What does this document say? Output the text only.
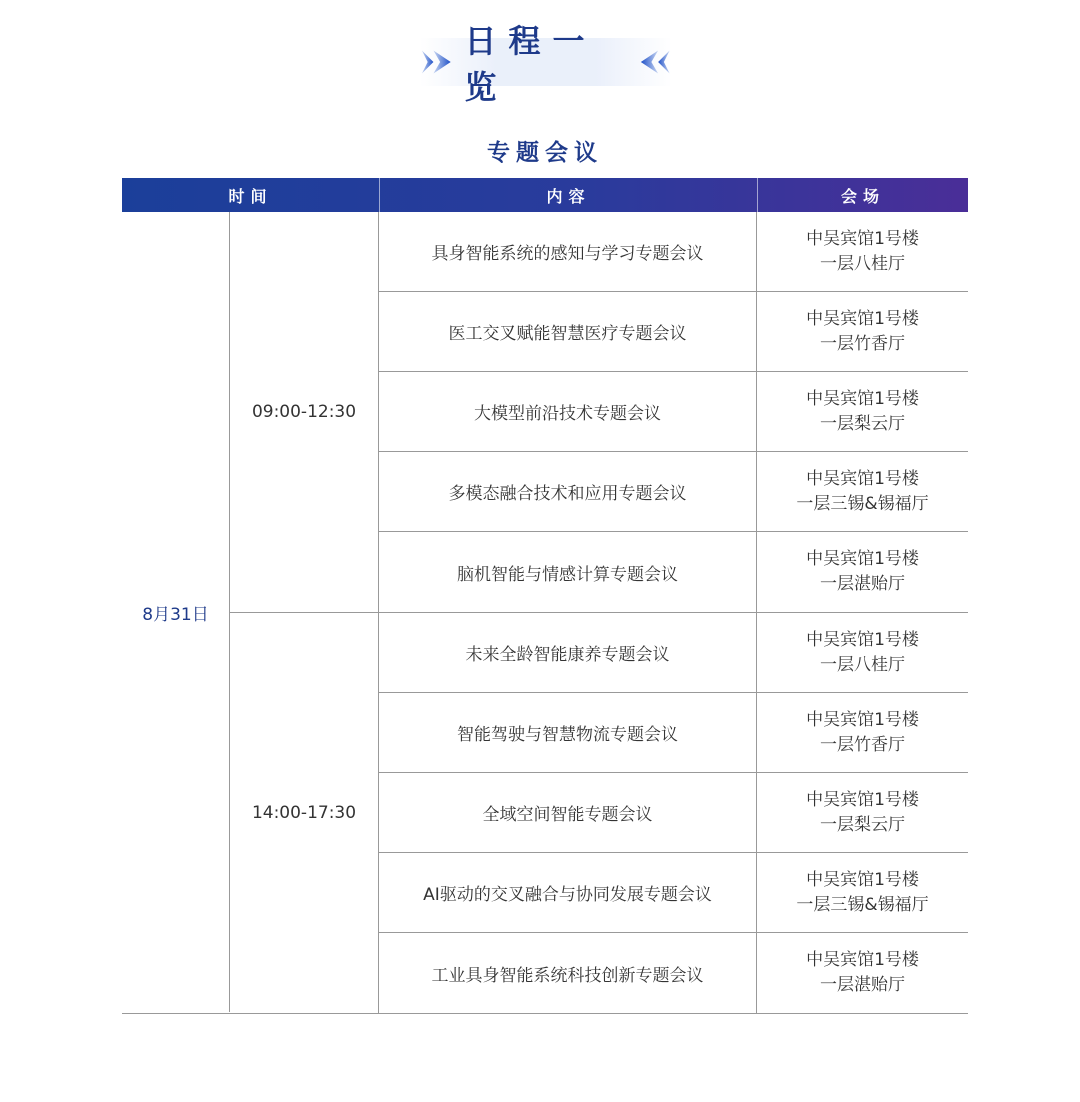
日程一览
专题会议
时间	内容	会场
8月31日
09:00-12:30
具身智能系统的感知与学习专题会议
中吴宾馆1号楼
一层八桂厅
医工交叉赋能智慧医疗专题会议
中吴宾馆1号楼
一层竹香厅
大模型前沿技术专题会议
中吴宾馆1号楼
一层梨云厅
多模态融合技术和应用专题会议
中吴宾馆1号楼
一层三锡&锡福厅
脑机智能与情感计算专题会议
中吴宾馆1号楼
一层湛贻厅
14:00-17:30
未来全龄智能康养专题会议
中吴宾馆1号楼
一层八桂厅
智能驾驶与智慧物流专题会议
中吴宾馆1号楼
一层竹香厅
全域空间智能专题会议
中吴宾馆1号楼
一层梨云厅
AI驱动的交叉融合与协同发展专题会议
中吴宾馆1号楼
一层三锡&锡福厅
工业具身智能系统科技创新专题会议
中吴宾馆1号楼
一层湛贻厅
